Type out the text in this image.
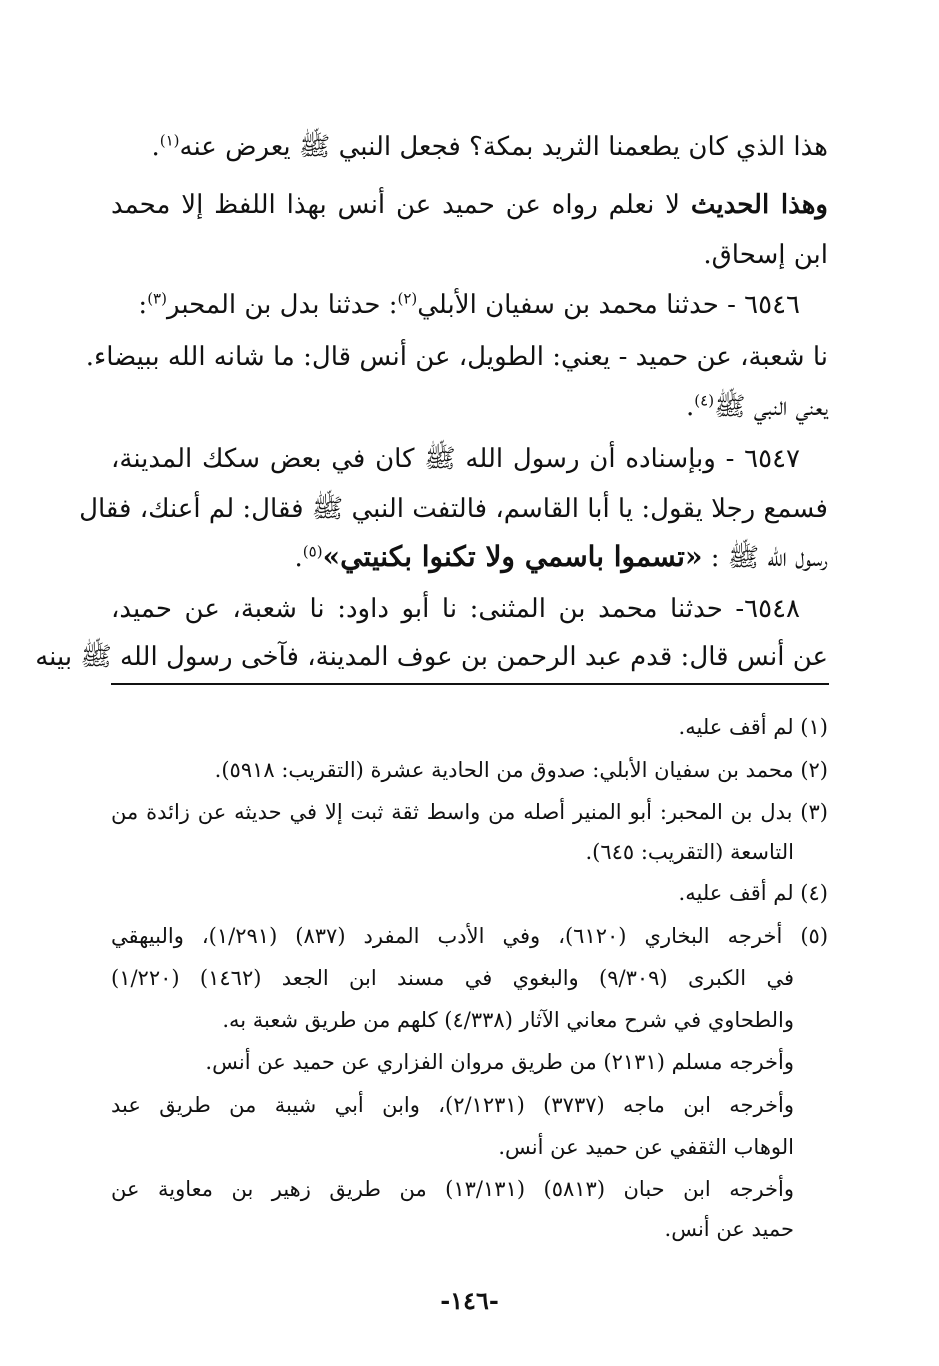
هذا الذي كان يطعمنا الثريد بمكة؟ فجعل النبي ﷺ يعرض عنه$^{(١)}$.
وهذا الحديث لا نعلم رواه عن حميد عن أنس بهذا اللفظ إلا محمد
ابن إسحاق.
٦٥٤٦ - حدثنا محمد بن سفيان الأبلي$^{(٢)}$: حدثنا بدل بن المحبر$^{(٣)}$:
نا شعبة، عن حميد - يعني: الطويل، عن أنس قال: ما شانه الله ببيضاء.
يعني النبي ﷺ$^{(٤)}$.
٦٥٤٧ - وبإسناده أن رسول الله ﷺ كان في بعض سكك المدينة،
فسمع رجلا يقول: يا أبا القاسم، فالتفت النبي ﷺ فقال: لم أعنك، فقال
رسول الله ﷺ : «تسموا باسمي ولا تكنوا بكنيتي»$^{(٥)}$.
٦٥٤٨- حدثنا محمد بن المثنى: نا أبو داود: نا شعبة، عن حميد،
عن أنس قال: قدم عبد الرحمن بن عوف المدينة، فآخى رسول الله ﷺ بينه
(١) لم أقف عليه.
(٢) محمد بن سفيان الأبلي: صدوق من الحادية عشرة (التقريب: ٥٩١٨).
(٣) بدل بن المحبر: أبو المنير أصله من واسط ثقة ثبت إلا في حديثه عن زائدة من
التاسعة (التقريب: ٦٤٥).
(٤) لم أقف عليه.
(٥) أخرجه البخاري (٦١٢٠)، وفي الأدب المفرد (٨٣٧) (١/٢٩١)، والبيهقي
في الكبرى (٩/٣٠٩) والبغوي في مسند ابن الجعد (١٤٦٢) (١/٢٢٠)
والطحاوي في شرح معاني الآثار (٤/٣٣٨) كلهم من طريق شعبة به.
وأخرجه مسلم (٢١٣١) من طريق مروان الفزاري عن حميد عن أنس.
وأخرجه ابن ماجه (٣٧٣٧) (٢/١٢٣١)، وابن أبي شيبة من طريق عبد
الوهاب الثقفي عن حميد عن أنس.
وأخرجه ابن حبان (٥٨١٣) (١٣/١٣١) من طريق زهير بن معاوية عن
حميد عن أنس.
-١٤٦-
